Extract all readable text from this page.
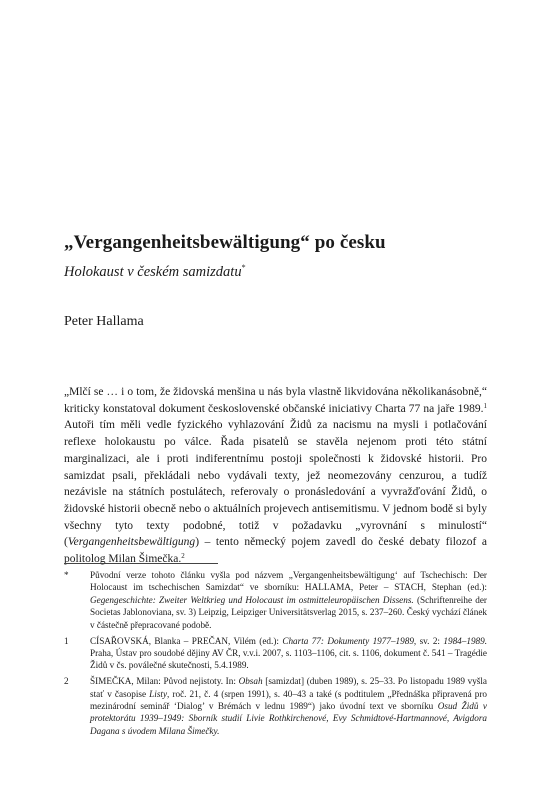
„Vergangenheitsbewältigung“ po česku

Holokaust v českém samizdatu*

Peter Hallama

„Mlčí se … i o tom, že židovská menšina u nás byla vlastně likvidována několikanásobně,“ kriticky konstatoval dokument československé občanské iniciativy Charta 77 na jaře 1989.$^1$ Autoři tím měli vedle fyzického vyhlazování Židů za nacismu na mysli i potlačování reflexe holokaustu po válce. Řada pisatelů se stavěla nejenom proti této státní marginalizaci, ale i proti indiferentnímu postoji společnosti k židovské historii. Pro samizdat psali, překládali nebo vydávali texty, jež neomezovány cenzurou, a tudíž nezávisle na státních postulátech, referovaly o pronásledování a vyvražďování Židů, o židovské historii obecně nebo o aktuálních projevech antisemitismu. V jednom bodě si byly všechny tyto texty podobné, totiž v požadavku „vyrovnání s minulostí“ (Vergangenheitsbewältigung) – tento německý pojem zavedl do české debaty filozof a politolog Milan Šimečka.$^2$

* Původní verze tohoto článku vyšla pod názvem „Vergangenheitsbewältigung‘ auf Tschechisch: Der Holocaust im tschechischen Samizdat“ ve sborníku: HALLAMA, Peter – STACH, Stephan (ed.): Gegengeschichte: Zweiter Weltkrieg und Holocaust im ostmitteleuropäischen Dissens. (Schriftenreihe der Societas Jablonoviana, sv. 3) Leipzig, Leipziger Universitätsverlag 2015, s. 237–260. Český vychází článek v částečně přepracované podobě.

1 CÍSAŘOVSKÁ, Blanka – PREČAN, Vilém (ed.): Charta 77: Dokumenty 1977–1989, sv. 2: 1984–1989. Praha, Ústav pro soudobé dějiny AV ČR, v.v.i. 2007, s. 1103–1106, cit. s. 1106, dokument č. 541 – Tragédie Židů v čs. poválečné skutečnosti, 5.4.1989.

2 ŠIMEČKA, Milan: Původ nejistoty. In: Obsah [samizdat] (duben 1989), s. 25–33. Po listopadu 1989 vyšla stať v časopise Listy, roč. 21, č. 4 (srpen 1991), s. 40–43 a také (s podtitulem „Přednáška připravená pro mezinárodní seminář ‘Dialog’ v Brémách v lednu 1989“) jako úvodní text ve sborníku Osud Židů v protektorátu 1939–1949: Sborník studií Livie Rothkirchenové, Evy Schmidtové-Hartmannové, Avigdora Dagana s úvodem Milana Šimečky.
